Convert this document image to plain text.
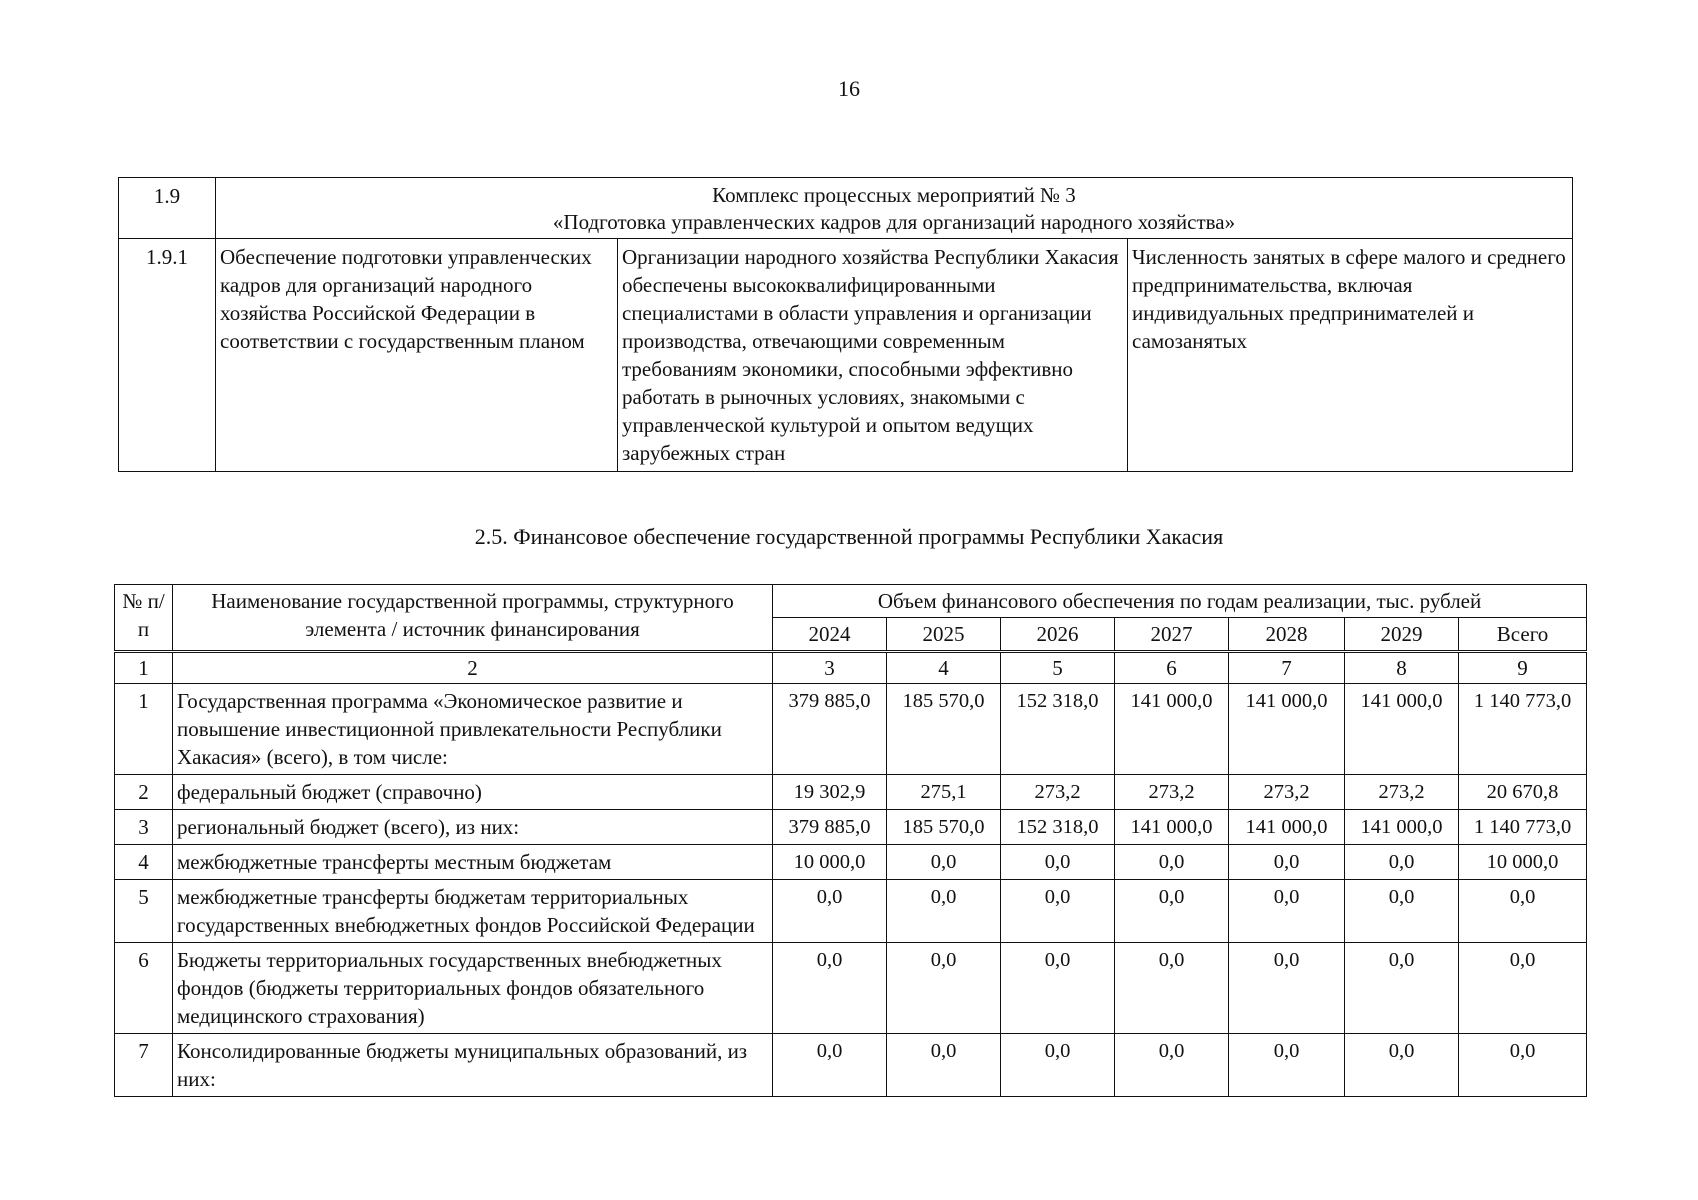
16
1.9	Комплекс процессных мероприятий № 3
«Подготовка управленческих кадров для организаций народного хозяйства»		

1.9.1	Обеспечение подготовки управленческих кадров для организаций народного хозяйства Российской Федерации в соответствии с государственным планом	Организации народного хозяйства Республики Хакасия обеспечены высококвалифицированными специалистами в области управления и организации производства, отвечающими современным требованиям экономики, способными эффективно работать в рыночных условиях, знакомыми с управленческой культурой и опытом ведущих зарубежных стран	Численность занятых в сфере малого и среднего предпринимательства, включая индивидуальных предпринимателей и самозанятых
2.5. Финансовое обеспечение государственной программы Республики Хакасия
№ п/п	Наименование государственной программы, структурного элемента / источник финансирования	Объем финансового обеспечения по годам реализации, тыс. рублей						
		2024	2025	2026	2027	2028	2029	Всего
1	2	3	4	5	6	7	8	9
1	Государственная программа «Экономическое развитие и повышение инвестиционной привлекательности Республики Хакасия» (всего), в том числе:	379 885,0	185 570,0	152 318,0	141 000,0	141 000,0	141 000,0	1 140 773,0
2	федеральный бюджет (справочно)	19 302,9	275,1	273,2	273,2	273,2	273,2	20 670,8
3	региональный бюджет (всего), из них:	379 885,0	185 570,0	152 318,0	141 000,0	141 000,0	141 000,0	1 140 773,0
4	межбюджетные трансферты местным бюджетам	10 000,0	0,0	0,0	0,0	0,0	0,0	10 000,0
5	межбюджетные трансферты бюджетам территориальных государственных внебюджетных фондов Российской Федерации	0,0	0,0	0,0	0,0	0,0	0,0	0,0
6	Бюджеты территориальных государственных внебюджетных фондов (бюджеты территориальных фондов обязательного медицинского страхования)	0,0	0,0	0,0	0,0	0,0	0,0	0,0
7	Консолидированные бюджеты муниципальных образований, из них:	0,0	0,0	0,0	0,0	0,0	0,0	0,0
